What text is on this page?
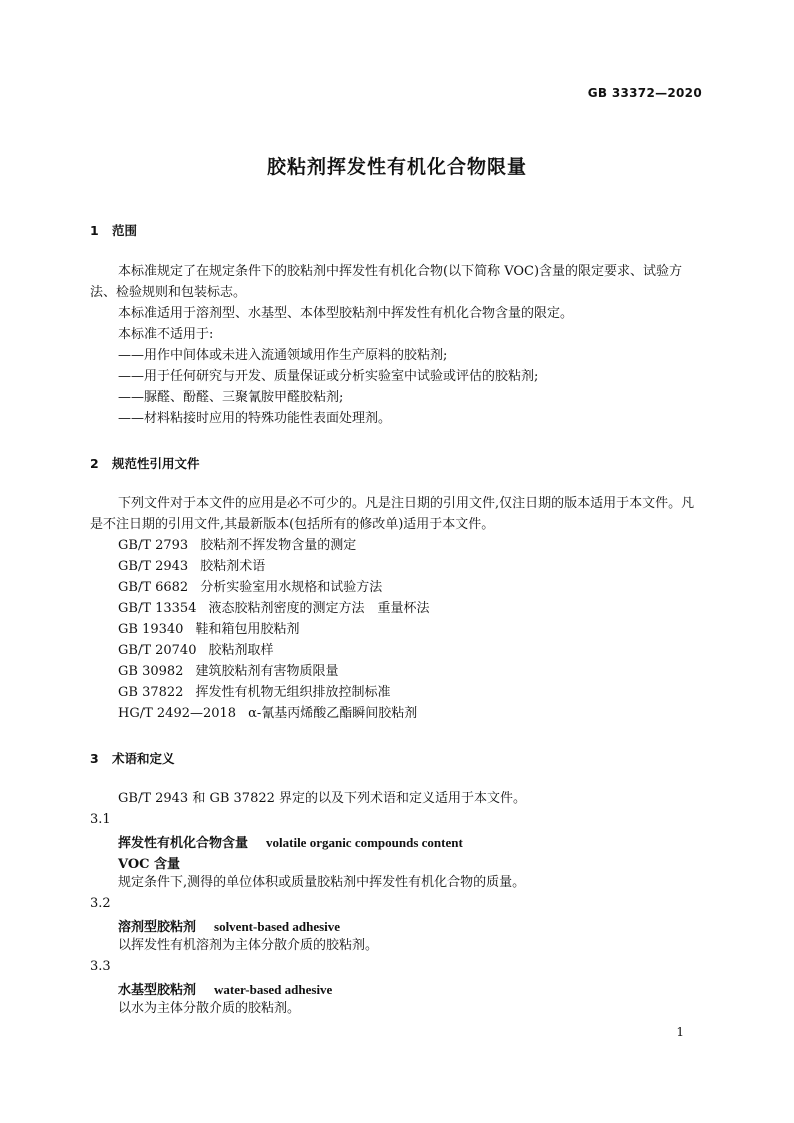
GB 33372—2020
胶粘剂挥发性有机化合物限量
1 范围
本标准规定了在规定条件下的胶粘剂中挥发性有机化合物(以下简称 VOC)含量的限定要求、试验方法、检验规则和包装标志。
本标准适用于溶剂型、水基型、本体型胶粘剂中挥发性有机化合物含量的限定。
本标准不适用于:
——用作中间体或未进入流通领域用作生产原料的胶粘剂;
——用于任何研究与开发、质量保证或分析实验室中试验或评估的胶粘剂;
——脲醛、酚醛、三聚氰胺甲醛胶粘剂;
——材料粘接时应用的特殊功能性表面处理剂。
2 规范性引用文件
下列文件对于本文件的应用是必不可少的。凡是注日期的引用文件,仅注日期的版本适用于本文件。凡是不注日期的引用文件,其最新版本(包括所有的修改单)适用于本文件。
GB/T 2793 胶粘剂不挥发物含量的测定
GB/T 2943 胶粘剂术语
GB/T 6682 分析实验室用水规格和试验方法
GB/T 13354 液态胶粘剂密度的测定方法　重量杯法
GB 19340 鞋和箱包用胶粘剂
GB/T 20740 胶粘剂取样
GB 30982 建筑胶粘剂有害物质限量
GB 37822 挥发性有机物无组织排放控制标准
HG/T 2492—2018 α-氰基丙烯酸乙酯瞬间胶粘剂
3 术语和定义
GB/T 2943 和 GB 37822 界定的以及下列术语和定义适用于本文件。
3.1
挥发性有机化合物含量 volatile organic compounds content
VOC 含量
规定条件下,测得的单位体积或质量胶粘剂中挥发性有机化合物的质量。
3.2
溶剂型胶粘剂 solvent-based adhesive
以挥发性有机溶剂为主体分散介质的胶粘剂。
3.3
水基型胶粘剂 water-based adhesive
以水为主体分散介质的胶粘剂。
1
